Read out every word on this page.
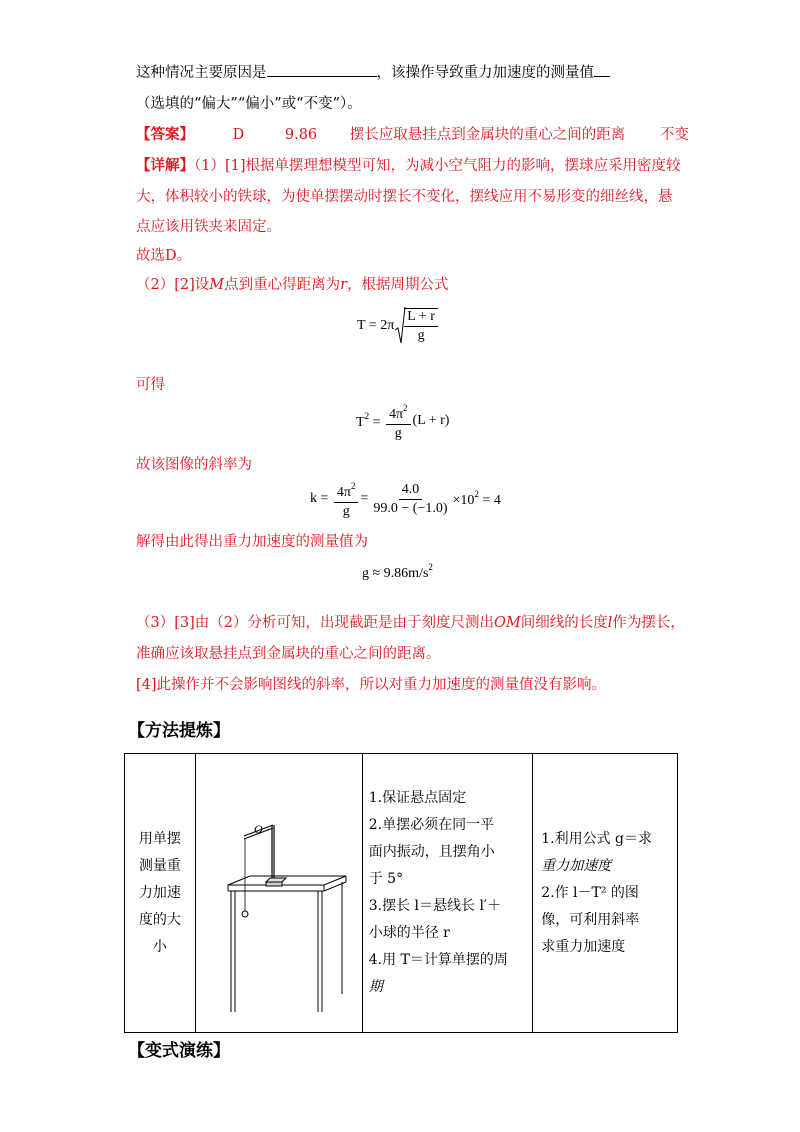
这种情况主要原因是	，该操作导致重力加速度的测量值
（选填的“偏大”“偏小”或“不变”）。
【答案】	D	9.86 摆长应取悬挂点到金属块的重心之间的距离 不变
【详解】（1）[1]根据单摆理想模型可知，为减小空气阻力的影响，摆球应采用密度较
大，体积较小的铁球，为使单摆摆动时摆长不变化，摆线应用不易形变的细丝线，悬
点应该用铁夹来固定。
故选D。
（2）[2]设M点到重心得距离为r，根据周期公式
$T = 2\pi \frac{L + r}{g}$
可得
$T^2 = \frac{4\pi^2}{g} (L + r)$
故该图像的斜率为
$k = \frac{4\pi^2}{g} = \frac{4.0}{99.0 - (-1.0)} \times 10^2 = 4$
解得由此得出重力加速度的测量值为
$g \approx 9.86m/s^2$
（3）[3]由（2）分析可知，出现截距是由于刻度尺测出OM间细线的长度l作为摆长，
准确应该取悬挂点到金属块的重心之间的距离。
[4]此操作并不会影响图线的斜率，所以对重力加速度的测量值没有影响。
【方法提炼】
用单摆
测量重
力加速
度的大
小

O

1.保证悬点固定
2.单摆必须在同一平
面内振动，且摆角小
于 5°
3.摆长 l＝悬线长 l′＋
小球的半径 r
4.用 T＝计算单摆的周
期

1.利用公式 g＝求
重力加速度
2.作 l－T² 的图
像，可利用斜率
求重力加速度
【变式演练】
